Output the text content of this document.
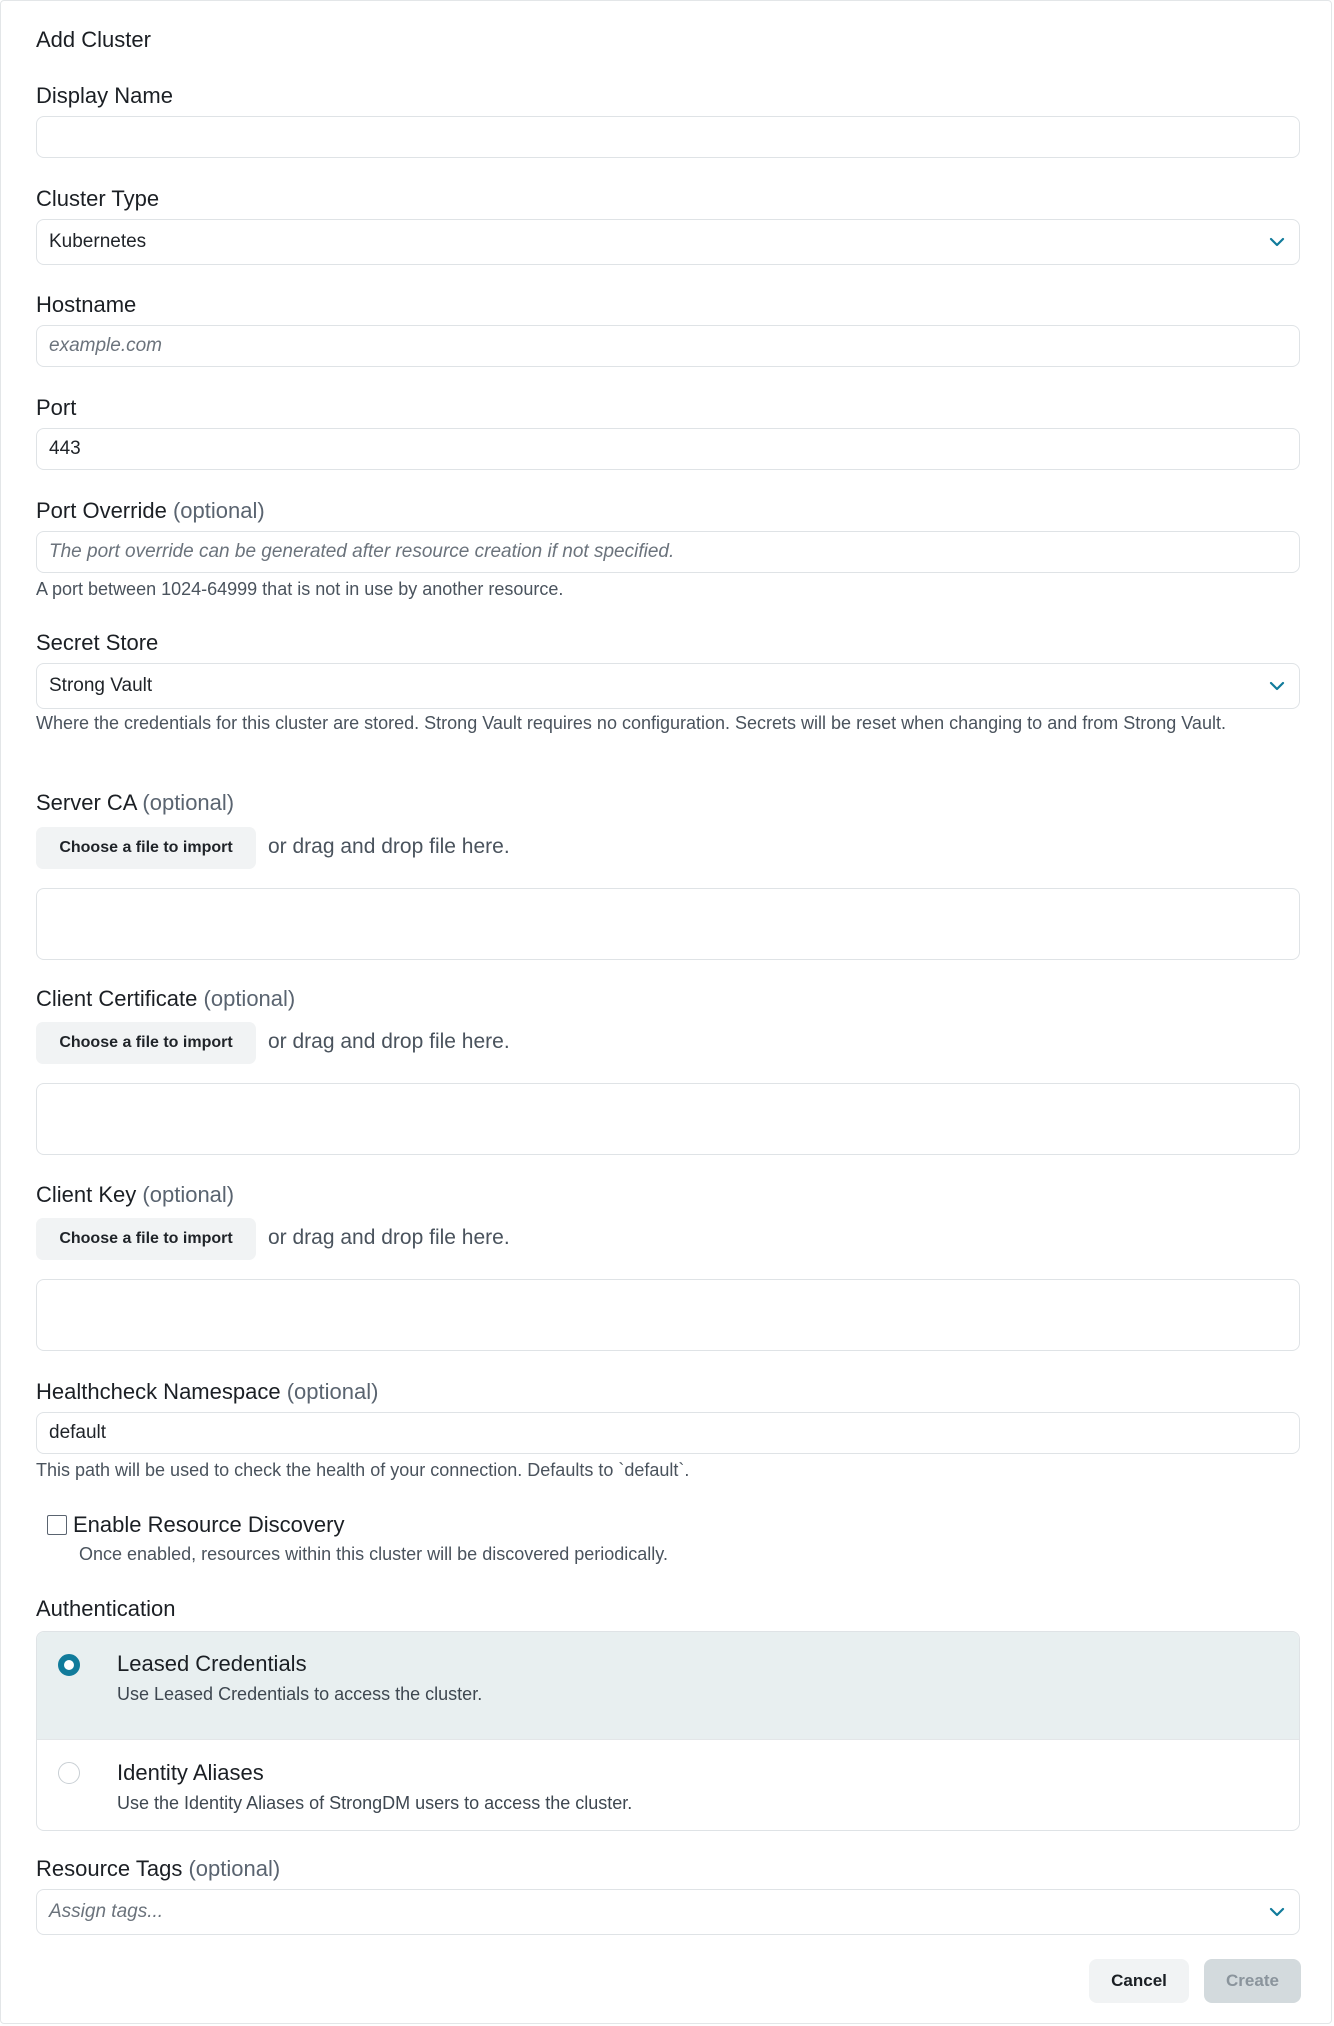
Add Cluster
Display Name
Cluster Type
Kubernetes
Hostname
example.com
Port
443
Port Override (optional)
The port override can be generated after resource creation if not specified.
A port between 1024-64999 that is not in use by another resource.
Secret Store
Strong Vault
Where the credentials for this cluster are stored. Strong Vault requires no configuration. Secrets will be reset when changing to and from Strong Vault.
Server CA (optional)
Choose a file to import	or drag and drop file here.
Client Certificate (optional)
Choose a file to import	or drag and drop file here.
Client Key (optional)
Choose a file to import	or drag and drop file here.
Healthcheck Namespace (optional)
default
This path will be used to check the health of your connection. Defaults to `default`.
Enable Resource Discovery
Once enabled, resources within this cluster will be discovered periodically.
Authentication
Leased Credentials
Use Leased Credentials to access the cluster.
Identity Aliases
Use the Identity Aliases of StrongDM users to access the cluster.
Resource Tags (optional)
Assign tags...
Cancel	Create
